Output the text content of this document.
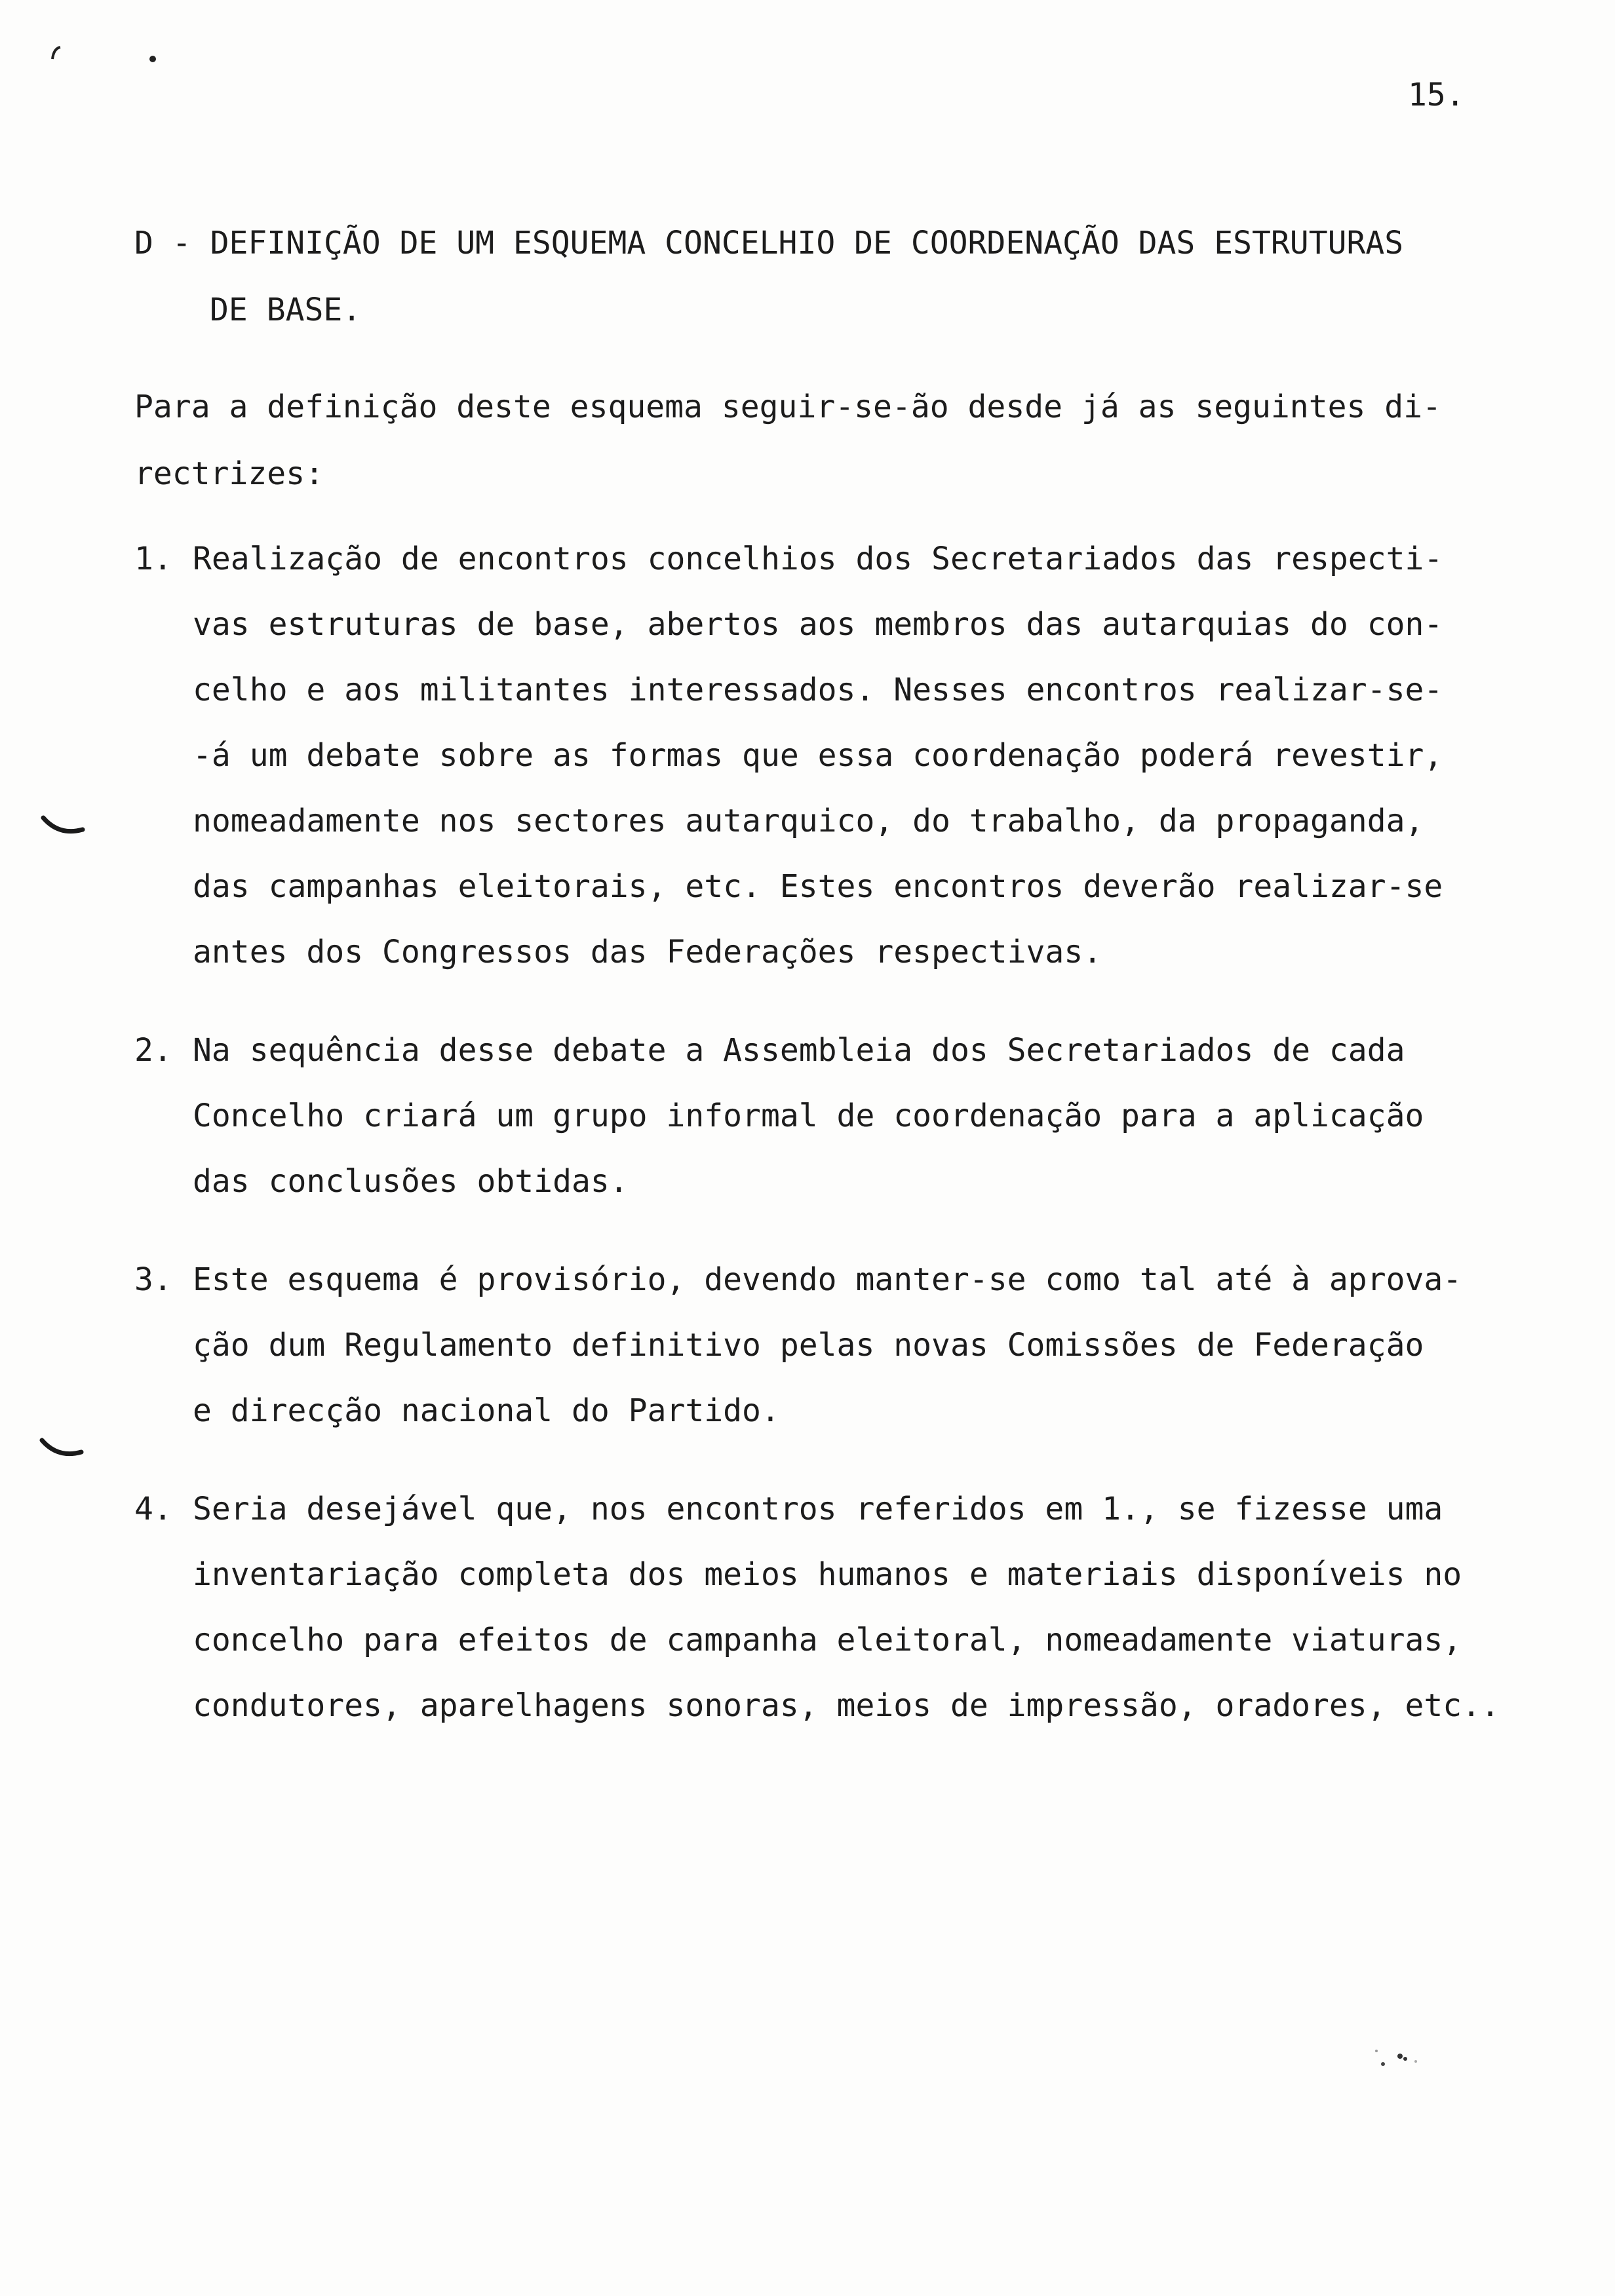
15.
D - DEFINIÇÃO DE UM ESQUEMA CONCELHIO DE COORDENAÇÃO DAS ESTRUTURAS
DE BASE.
Para a definição deste esquema seguir-se-ão desde já as seguintes di-
rectrizes:
1. Realização de encontros concelhios dos Secretariados das respecti-
vas estruturas de base, abertos aos membros das autarquias do con-
celho e aos militantes interessados. Nesses encontros realizar-se-
-á um debate sobre as formas que essa coordenação poderá revestir,
nomeadamente nos sectores autarquico, do trabalho, da propaganda,
das campanhas eleitorais, etc. Estes encontros deverão realizar-se
antes dos Congressos das Federações respectivas.
2. Na sequência desse debate a Assembleia dos Secretariados de cada
Concelho criará um grupo informal de coordenação para a aplicação
das conclusões obtidas.
3. Este esquema é provisório, devendo manter-se como tal até à aprova-
ção dum Regulamento definitivo pelas novas Comissões de Federação
e direcção nacional do Partido.
4. Seria desejável que, nos encontros referidos em 1., se fizesse uma
inventariação completa dos meios humanos e materiais disponíveis no
concelho para efeitos de campanha eleitoral, nomeadamente viaturas,
condutores, aparelhagens sonoras, meios de impressão, oradores, etc..
